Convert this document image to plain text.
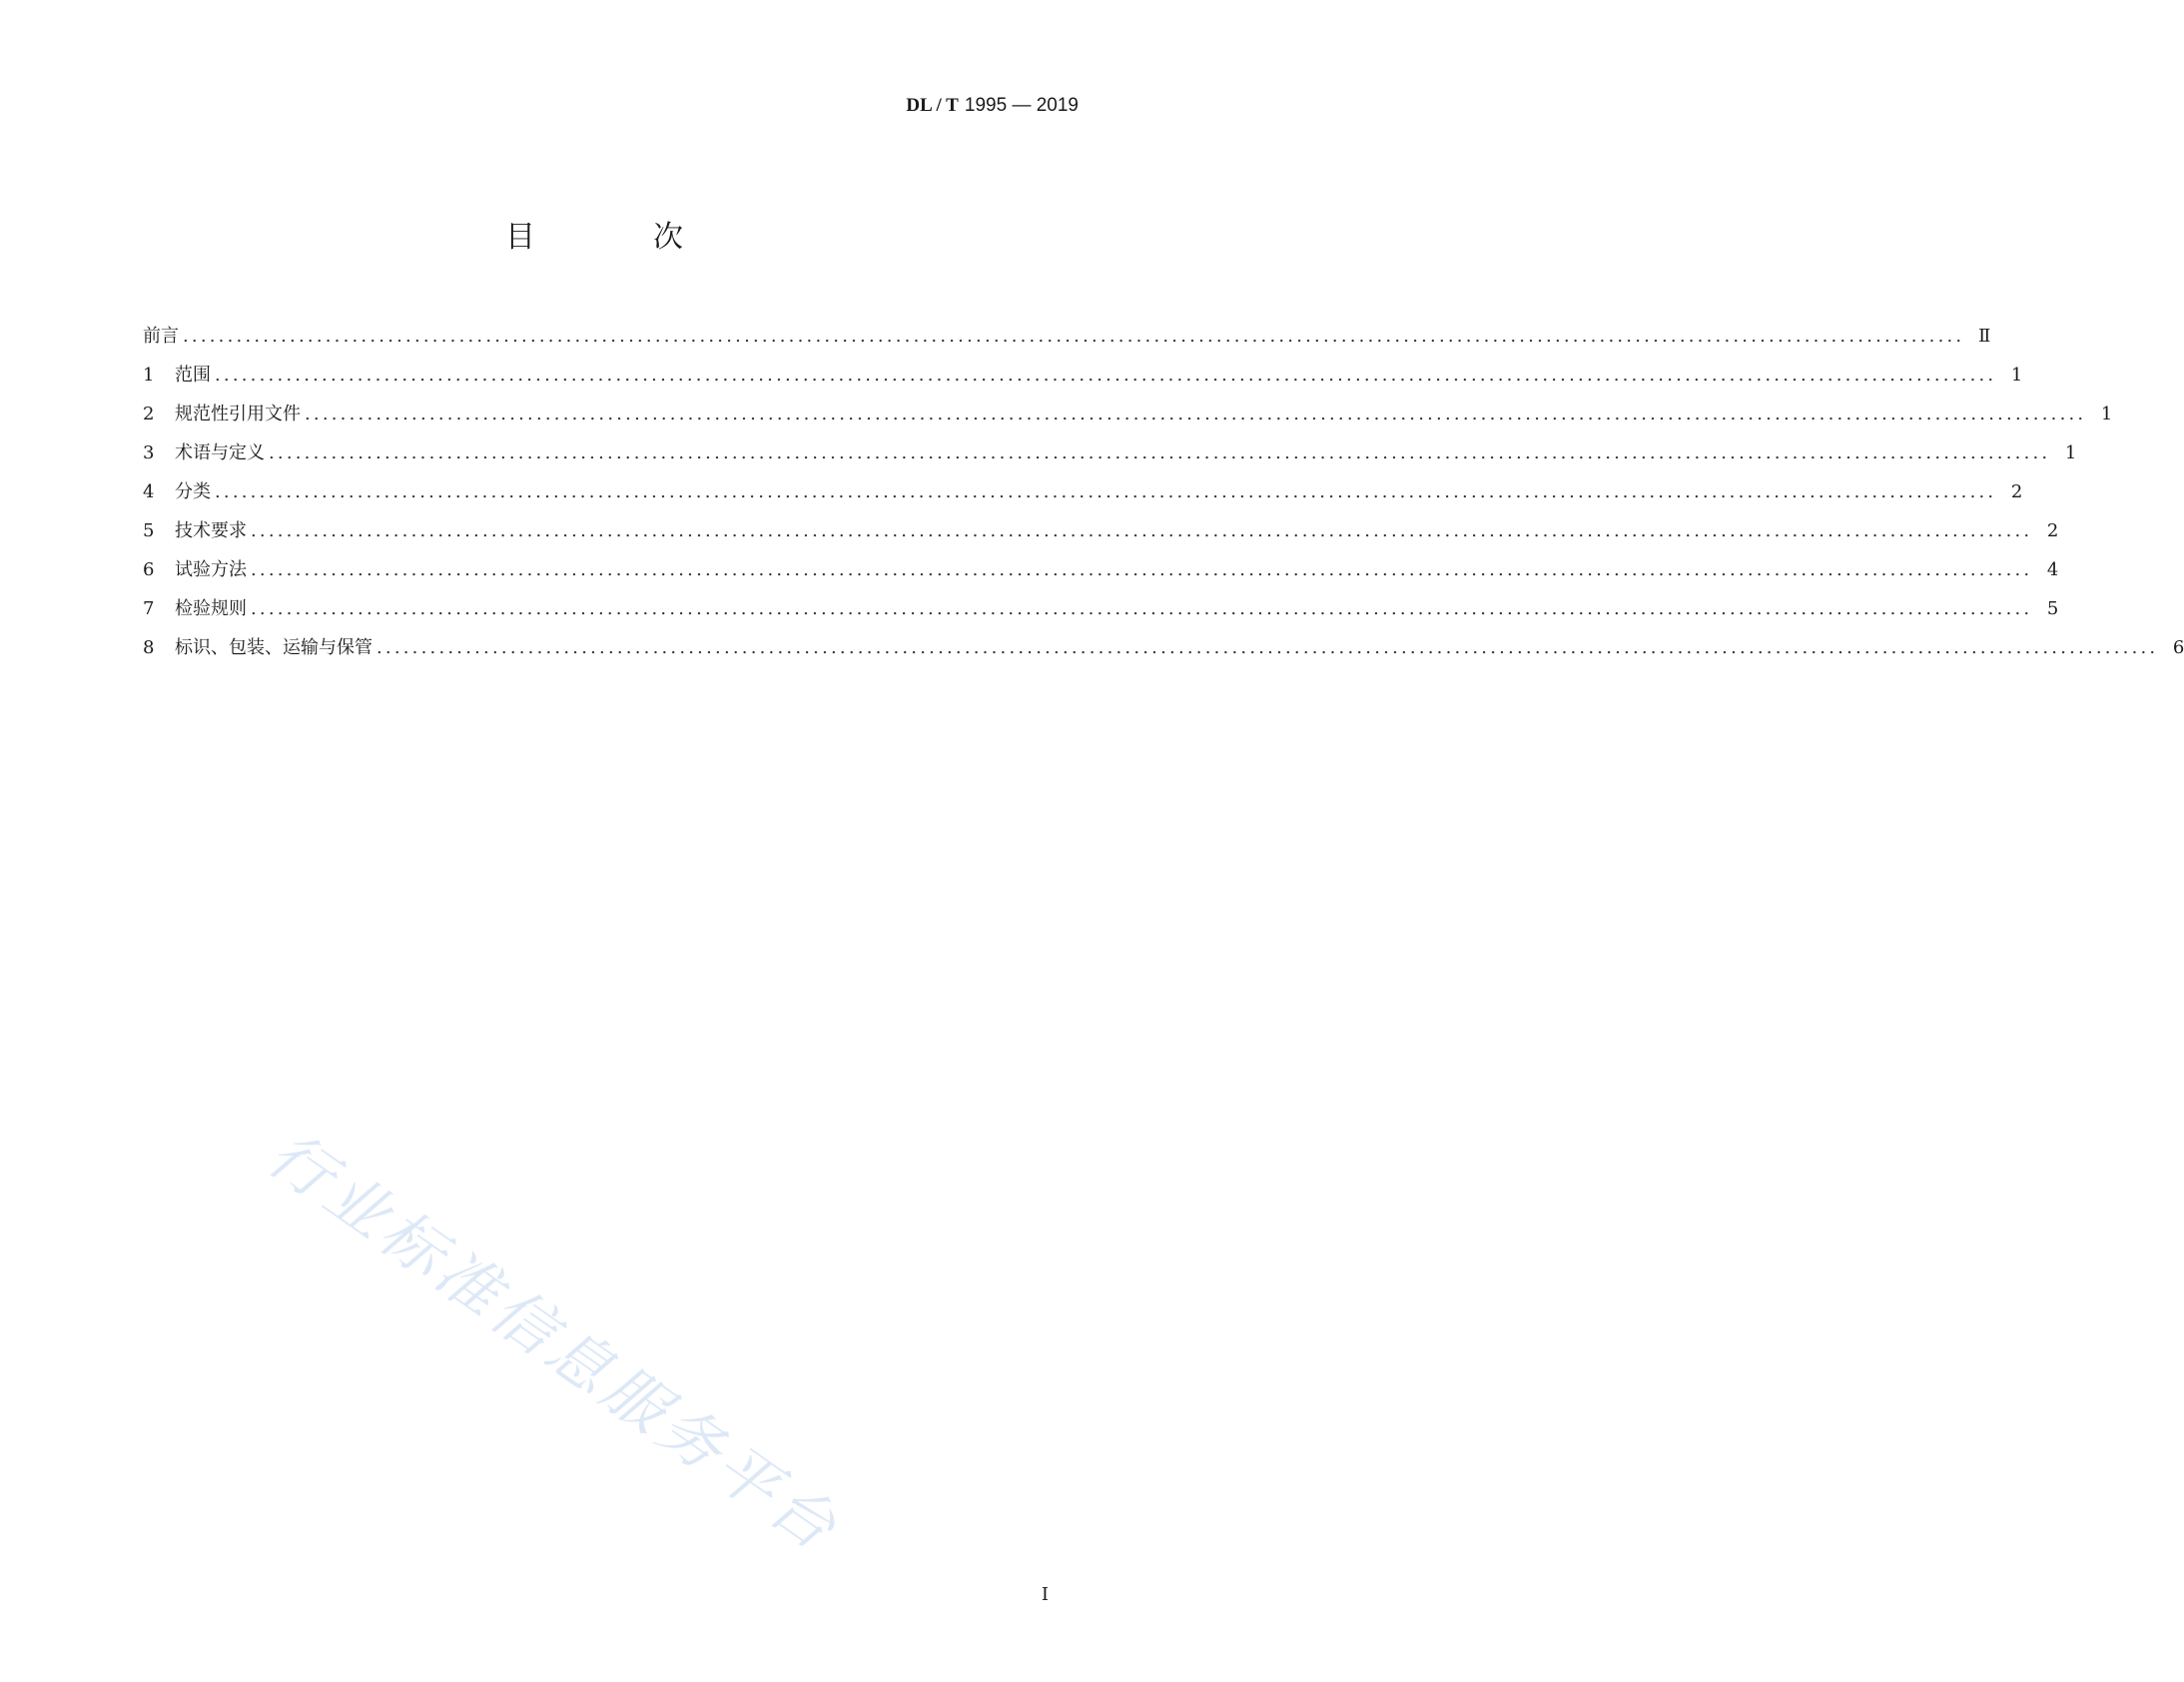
DL / T 1995 — 2019
目	次
前言 ........................................................................................................................................................................................................ Ⅱ
1	范围 ........................................................................................................................................................................................................ 1
2	规范性引用文件 ........................................................................................................................................................................................................ 1
3	术语与定义 ........................................................................................................................................................................................................ 1
4	分类 ........................................................................................................................................................................................................ 2
5	技术要求 ........................................................................................................................................................................................................ 2
6	试验方法 ........................................................................................................................................................................................................ 4
7	检验规则 ........................................................................................................................................................................................................ 5
8	标识、包装、运输与保管 ........................................................................................................................................................................................................ 6
行业标准信息服务平台
I
